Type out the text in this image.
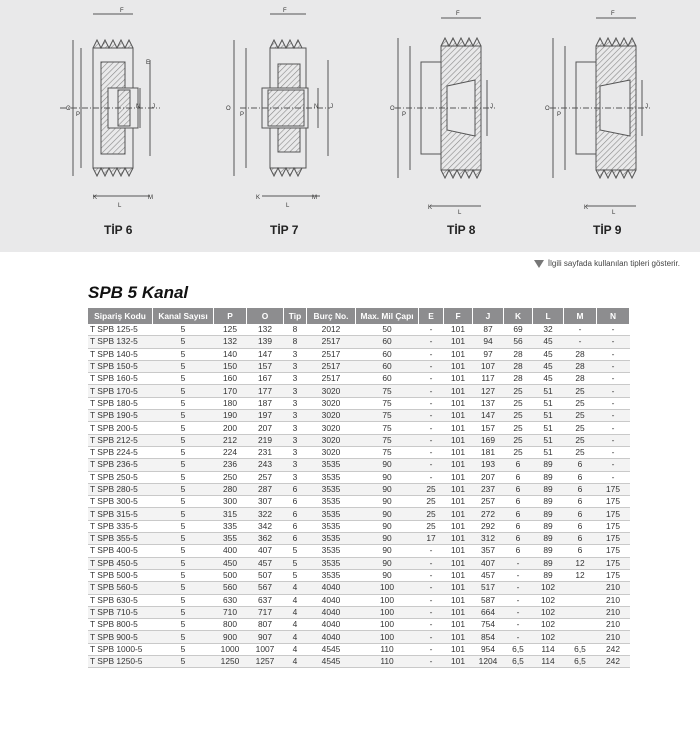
F
E
O
P
N J
K
L
M
F
O
P
N J
K
L
M
F
O
P
J
K
L
F
O
P
J
K
L
TİP 6	TİP 7	TİP 8	TİP 9
İlgili sayfada kullanılan tipleri gösterir.
SPB 5 Kanal
Sipariş Kodu	Kanal Sayısı	P	O	Tip	Burç No.	Max. Mil Çapı	E	F	J	K	L	M	N
T SPB 125-5	5	125	132	8	2012	50	-	101	87	69	32	-	-
T SPB 132-5	5	132	139	8	2517	60	-	101	94	56	45	-	-
T SPB 140-5	5	140	147	3	2517	60	-	101	97	28	45	28	-
T SPB 150-5	5	150	157	3	2517	60	-	101	107	28	45	28	-
T SPB 160-5	5	160	167	3	2517	60	-	101	117	28	45	28	-
T SPB 170-5	5	170	177	3	3020	75	-	101	127	25	51	25	-
T SPB 180-5	5	180	187	3	3020	75	-	101	137	25	51	25	-
T SPB 190-5	5	190	197	3	3020	75	-	101	147	25	51	25	-
T SPB 200-5	5	200	207	3	3020	75	-	101	157	25	51	25	-
T SPB 212-5	5	212	219	3	3020	75	-	101	169	25	51	25	-
T SPB 224-5	5	224	231	3	3020	75	-	101	181	25	51	25	-
T SPB 236-5	5	236	243	3	3535	90	-	101	193	6	89	6	-
T SPB 250-5	5	250	257	3	3535	90	-	101	207	6	89	6	-
T SPB 280-5	5	280	287	6	3535	90	25	101	237	6	89	6	175
T SPB 300-5	5	300	307	6	3535	90	25	101	257	6	89	6	175
T SPB 315-5	5	315	322	6	3535	90	25	101	272	6	89	6	175
T SPB 335-5	5	335	342	6	3535	90	25	101	292	6	89	6	175
T SPB 355-5	5	355	362	6	3535	90	17	101	312	6	89	6	175
T SPB 400-5	5	400	407	5	3535	90	-	101	357	6	89	6	175
T SPB 450-5	5	450	457	5	3535	90	-	101	407	-	89	12	175
T SPB 500-5	5	500	507	5	3535	90	-	101	457	-	89	12	175
T SPB 560-5	5	560	567	4	4040	100	-	101	517	-	102		210
T SPB 630-5	5	630	637	4	4040	100	-	101	587	-	102		210
T SPB 710-5	5	710	717	4	4040	100	-	101	664	-	102		210
T SPB 800-5	5	800	807	4	4040	100	-	101	754	-	102		210
T SPB 900-5	5	900	907	4	4040	100	-	101	854	-	102		210
T SPB 1000-5	5	1000	1007	4	4545	110	-	101	954	6,5	114	6,5	242
T SPB 1250-5	5	1250	1257	4	4545	110	-	101	1204	6,5	114	6,5	242
